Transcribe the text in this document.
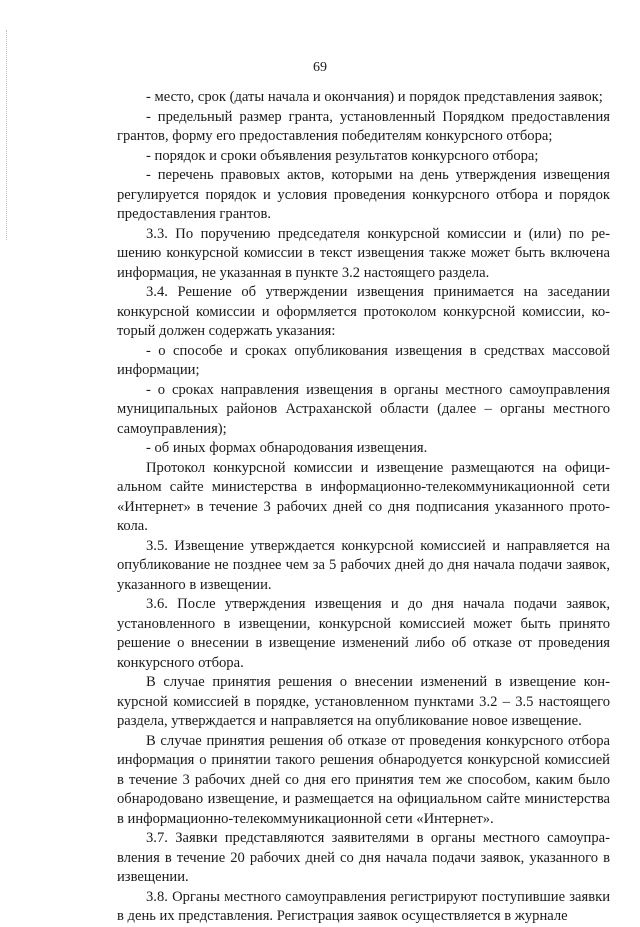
69

- место, срок (даты начала и окончания) и порядок представления заявок;

- предельный размер гранта, установленный Порядком предоставления грантов, форму его предоставления победителям конкурсного отбора;

- порядок и сроки объявления результатов конкурсного отбора;

- перечень правовых актов, которыми на день утверждения извещения регулируется порядок и условия проведения конкурсного отбора и порядок предоставления грантов.

3.3. По поручению председателя конкурсной комиссии и (или) по решению конкурсной комиссии в текст извещения также может быть включена информация, не указанная в пункте 3.2 настоящего раздела.

3.4. Решение об утверждении извещения принимается на заседании конкурсной комиссии и оформляется протоколом конкурсной комиссии, который должен содержать указания:

- о способе и сроках опубликования извещения в средствах массовой информации;

- о сроках направления извещения в органы местного самоуправления муниципальных районов Астраханской области (далее – органы местного самоуправления);

- об иных формах обнародования извещения.

Протокол конкурсной комиссии и извещение размещаются на официальном сайте министерства в информационно-телекоммуникационной сети «Интернет» в течение 3 рабочих дней со дня подписания указанного протокола.

3.5. Извещение утверждается конкурсной комиссией и направляется на опубликование не позднее чем за 5 рабочих дней до дня начала подачи заявок, указанного в извещении.

3.6. После утверждения извещения и до дня начала подачи заявок, установленного в извещении, конкурсной комиссией может быть принято решение о внесении в извещение изменений либо об отказе от проведения конкурсного отбора.

В случае принятия решения о внесении изменений в извещение конкурсной комиссией в порядке, установленном пунктами 3.2 – 3.5 настоящего раздела, утверждается и направляется на опубликование новое извещение.

В случае принятия решения об отказе от проведения конкурсного отбора информация о принятии такого решения обнародуется конкурсной комиссией в течение 3 рабочих дней со дня его принятия тем же способом, каким было обнародовано извещение, и размещается на официальном сайте министерства в информационно-телекоммуникационной сети «Интернет».

3.7. Заявки представляются заявителями в органы местного самоуправления в течение 20 рабочих дней со дня начала подачи заявок, указанного в извещении.

3.8. Органы местного самоуправления регистрируют поступившие заявки в день их представления. Регистрация заявок осуществляется в журнале
